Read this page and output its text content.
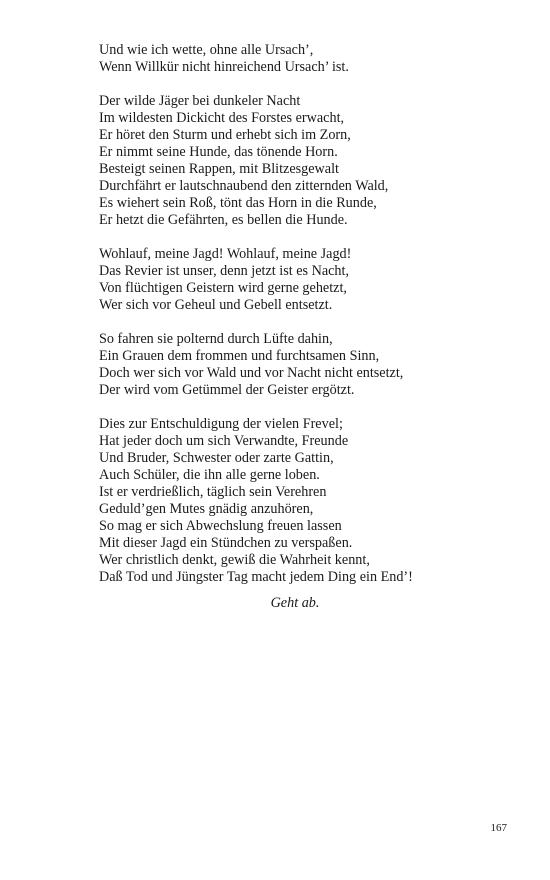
Und wie ich wette, ohne alle Ursach’,
Wenn Willkür nicht hinreichend Ursach’ ist.
Der wilde Jäger bei dunkeler Nacht
Im wildesten Dickicht des Forstes erwacht,
Er höret den Sturm und erhebt sich im Zorn,
Er nimmt seine Hunde, das tönende Horn.
Besteigt seinen Rappen, mit Blitzesgewalt
Durchfährt er lautschnaubend den zitternden Wald,
Es wiehert sein Roß, tönt das Horn in die Runde,
Er hetzt die Gefährten, es bellen die Hunde.
Wohlauf, meine Jagd! Wohlauf, meine Jagd!
Das Revier ist unser, denn jetzt ist es Nacht,
Von flüchtigen Geistern wird gerne gehetzt,
Wer sich vor Geheul und Gebell entsetzt.
So fahren sie polternd durch Lüfte dahin,
Ein Grauen dem frommen und furchtsamen Sinn,
Doch wer sich vor Wald und vor Nacht nicht entsetzt,
Der wird vom Getümmel der Geister ergötzt.
Dies zur Entschuldigung der vielen Frevel;
Hat jeder doch um sich Verwandte, Freunde
Und Bruder, Schwester oder zarte Gattin,
Auch Schüler, die ihn alle gerne loben.
Ist er verdrießlich, täglich sein Verehren
Geduld’gen Mutes gnädig anzuhören,
So mag er sich Abwechslung freuen lassen
Mit dieser Jagd ein Stündchen zu verspaßen.
Wer christlich denkt, gewiß die Wahrheit kennt,
Daß Tod und Jüngster Tag macht jedem Ding ein End’!
Geht ab.
167
